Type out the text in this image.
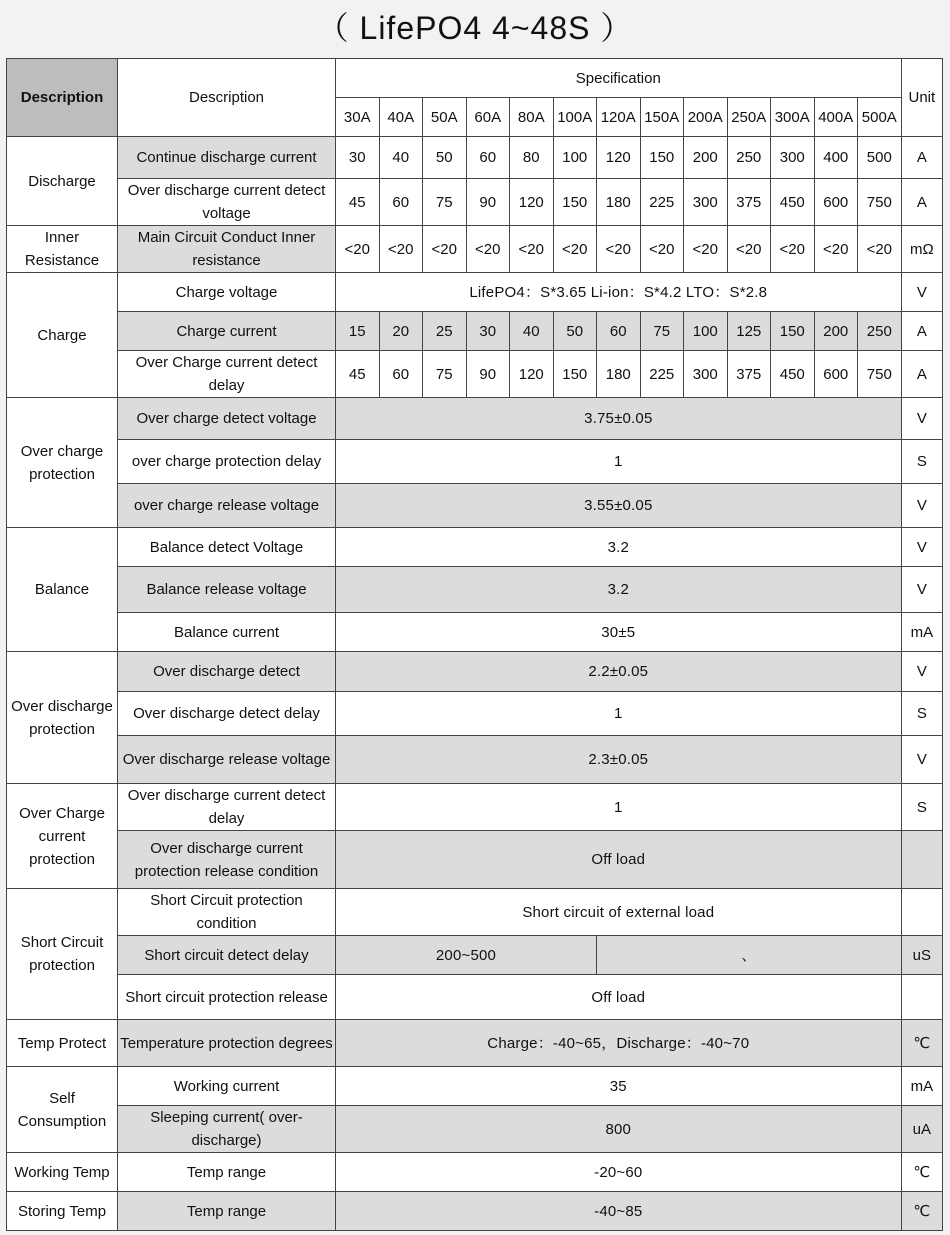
（ LifePO4 4~48S ）
Description	Description	Specification													Unit
		30A	40A	50A	60A	80A	100A	120A	150A	200A	250A	300A	400A	500A	
Discharge	Continue discharge current	30	40	50	60	80	100	120	150	200	250	300	400	500	A
	Over discharge current detect voltage	45	60	75	90	120	150	180	225	300	375	450	600	750	A
Inner Resistance	Main Circuit Conduct Inner resistance	<20	<20	<20	<20	<20	<20	<20	<20	<20	<20	<20	<20	<20	mΩ
Charge	Charge voltage	LifePO4：S*3.65 Li-ion：S*4.2 LTO：S*2.8													V
	Charge current	15	20	25	30	40	50	60	75	100	125	150	200	250	A
	Over Charge current detect delay	45	60	75	90	120	150	180	225	300	375	450	600	750	A
Over charge protection	Over charge detect voltage	3.75±0.05													V
	over charge protection delay	1													S
	over charge release voltage	3.55±0.05													V
Balance	Balance detect Voltage	3.2													V
	Balance release voltage	3.2													V
	Balance current	30±5													mA
Over discharge protection	Over discharge detect	2.2±0.05													V
	Over discharge detect delay	1													S
	Over discharge release voltage	2.3±0.05													V
Over Charge current protection	Over discharge current detect delay	1													S
	Over discharge current protection release condition	Off load													
Short Circuit protection	Short Circuit protection condition	Short circuit of external load													
	Short circuit detect delay	200~500						、							uS
	Short circuit protection release	Off load													
Temp Protect	Temperature protection degrees	Charge：-40~65，Discharge：-40~70													℃
Self Consumption	Working current	35													mA
	Sleeping current( over-discharge)	800													uA
Working Temp	Temp range	-20~60													℃
Storing Temp	Temp range	-40~85													℃
